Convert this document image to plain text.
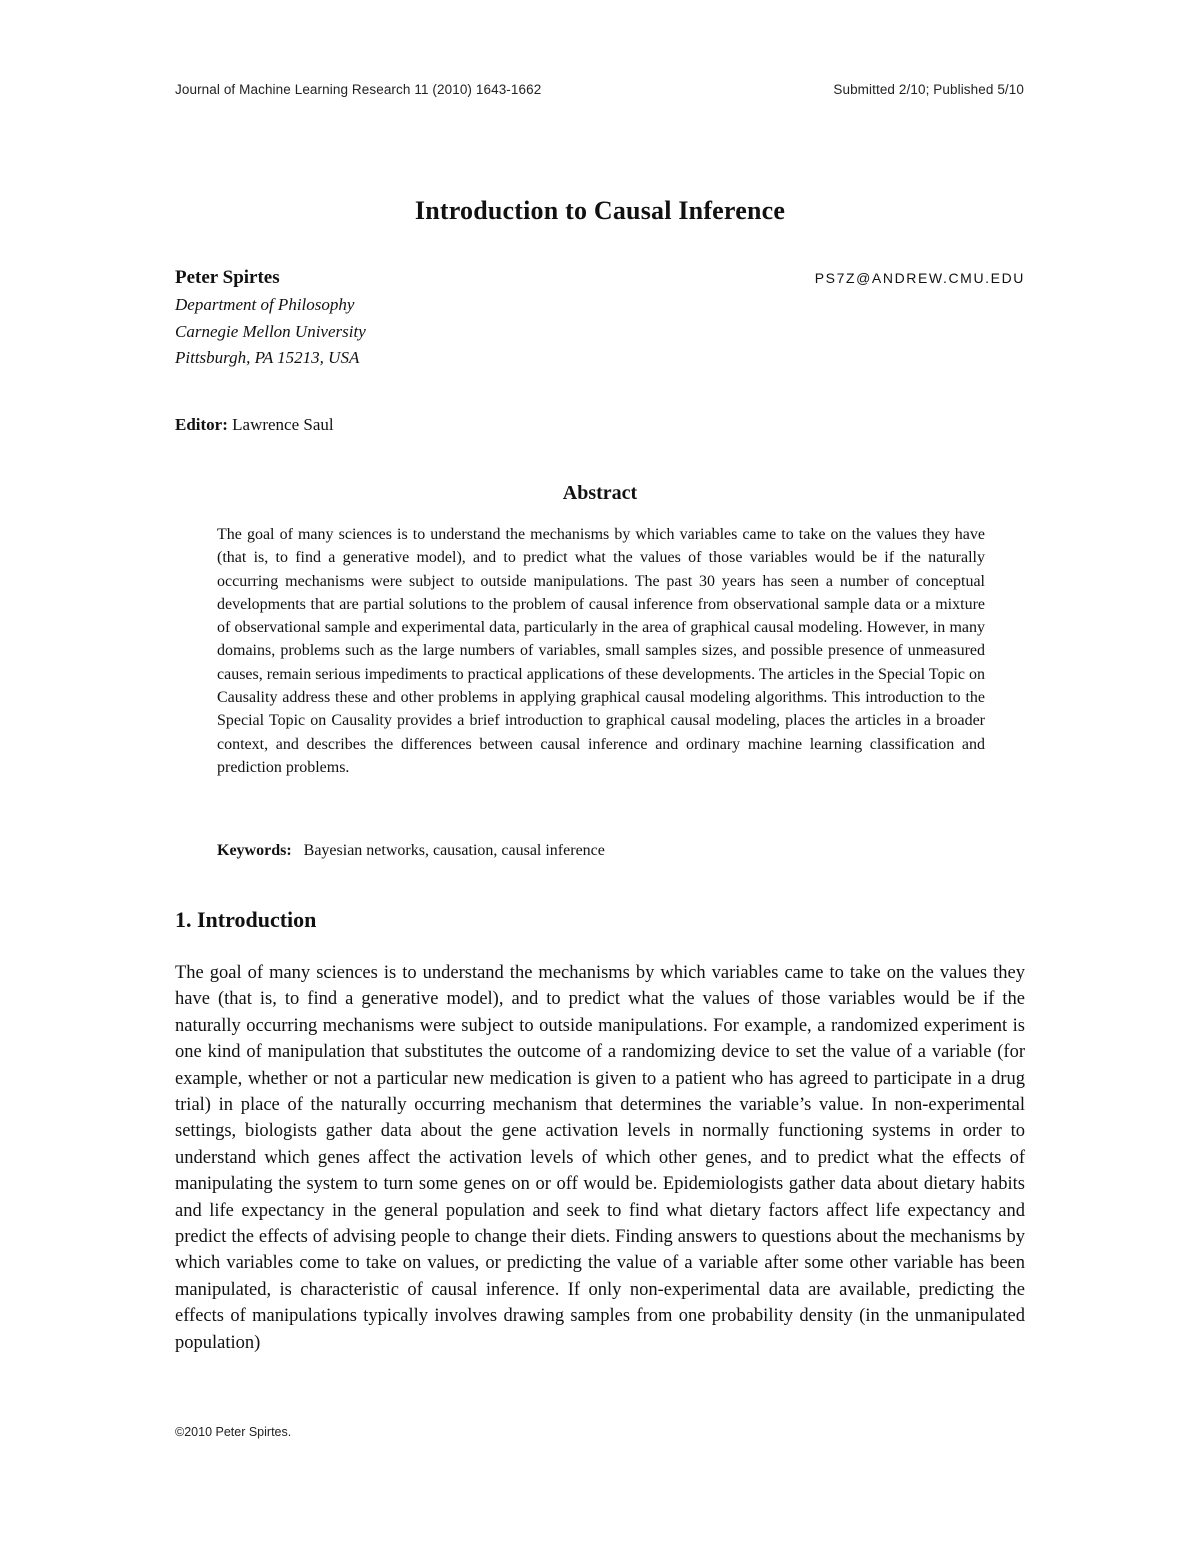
Journal of Machine Learning Research 11 (2010) 1643-1662	Submitted 2/10; Published 5/10
Introduction to Causal Inference
Peter Spirtes	PS7Z@ANDREW.CMU.EDU
Department of Philosophy
Carnegie Mellon University
Pittsburgh, PA 15213, USA
Editor: Lawrence Saul
Abstract

The goal of many sciences is to understand the mechanisms by which variables came to take on the values they have (that is, to find a generative model), and to predict what the values of those variables would be if the naturally occurring mechanisms were subject to outside manipulations. The past 30 years has seen a number of conceptual developments that are partial solutions to the problem of causal inference from observational sample data or a mixture of observational sample and experimental data, particularly in the area of graphical causal modeling. However, in many domains, problems such as the large numbers of variables, small samples sizes, and possible presence of unmeasured causes, remain serious impediments to practical applications of these developments. The articles in the Special Topic on Causality address these and other problems in applying graphical causal modeling algorithms. This introduction to the Special Topic on Causality provides a brief introduction to graphical causal modeling, places the articles in a broader context, and describes the differences between causal inference and ordinary machine learning classification and prediction problems.

Keywords: Bayesian networks, causation, causal inference
1. Introduction

The goal of many sciences is to understand the mechanisms by which variables came to take on the values they have (that is, to find a generative model), and to predict what the values of those variables would be if the naturally occurring mechanisms were subject to outside manipulations. For example, a randomized experiment is one kind of manipulation that substitutes the outcome of a randomizing device to set the value of a variable (for example, whether or not a particular new medication is given to a patient who has agreed to participate in a drug trial) in place of the naturally occurring mechanism that determines the variable’s value. In non-experimental settings, biologists gather data about the gene activation levels in normally functioning systems in order to understand which genes affect the activation levels of which other genes, and to predict what the effects of manipulating the system to turn some genes on or off would be. Epidemiologists gather data about dietary habits and life expectancy in the general population and seek to find what dietary factors affect life expectancy and predict the effects of advising people to change their diets. Finding answers to questions about the mechanisms by which variables come to take on values, or predicting the value of a variable after some other variable has been manipulated, is characteristic of causal inference. If only non-experimental data are available, predicting the effects of manipulations typically involves drawing samples from one probability density (in the unmanipulated population)

©2010 Peter Spirtes.
